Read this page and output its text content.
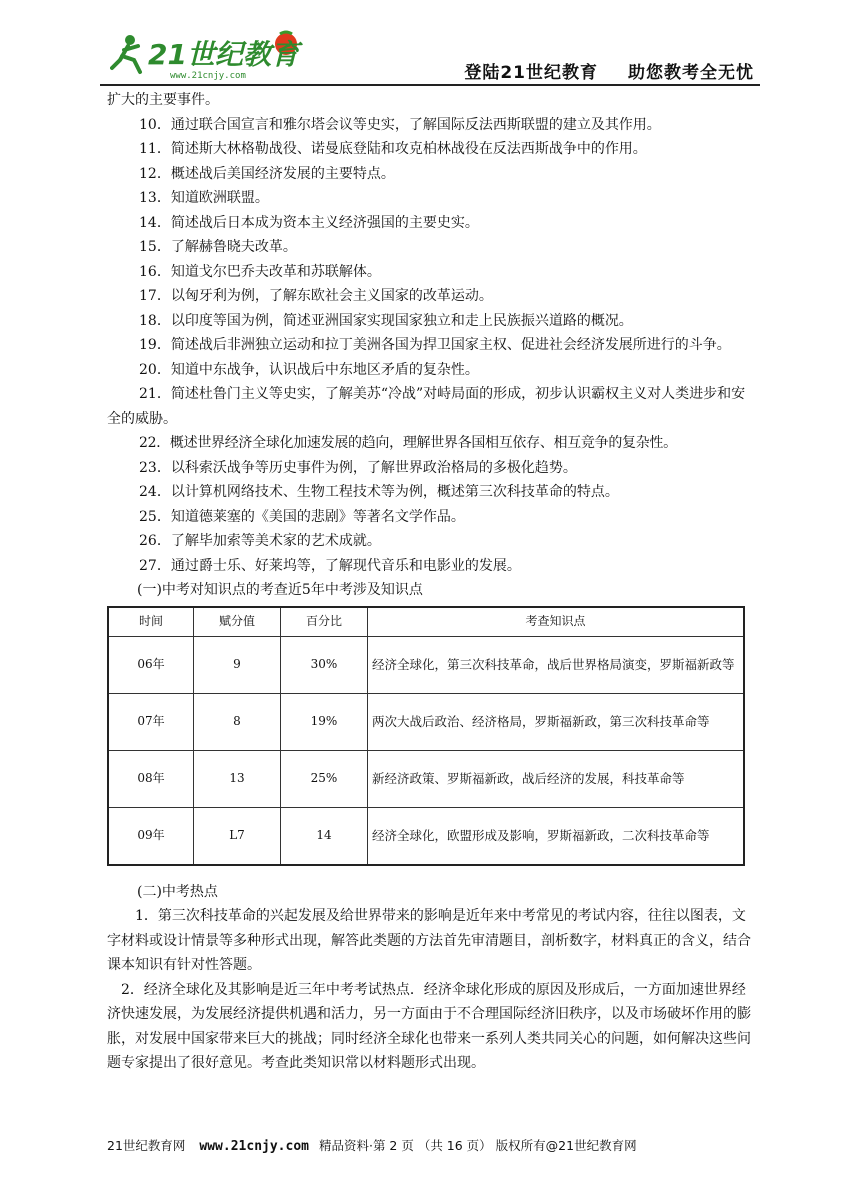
21世纪教育
www.21cnjy.com	登陆21世纪教育 助您教考全无忧

扩大的主要事件。

10．通过联合国宣言和雅尔塔会议等史实，了解国际反法西斯联盟的建立及其作用。

11．简述斯大林格勒战役、诺曼底登陆和攻克柏林战役在反法西斯战争中的作用。

12．概述战后美国经济发展的主要特点。

13．知道欧洲联盟。

14．简述战后日本成为资本主义经济强国的主要史实。

15．了解赫鲁晓夫改革。

16．知道戈尔巴乔夫改革和苏联解体。

17．以匈牙利为例，了解东欧社会主义国家的改革运动。

18．以印度等国为例，简述亚洲国家实现国家独立和走上民族振兴道路的概况。

19．简述战后非洲独立运动和拉丁美洲各国为捍卫国家主权、促进社会经济发展所进行的斗争。

20．知道中东战争，认识战后中东地区矛盾的复杂性。

21．简述杜鲁门主义等史实，了解美苏“冷战”对峙局面的形成，初步认识霸权主义对人类进步和安全的威胁。

22．概述世界经济全球化加速发展的趋向，理解世界各国相互依存、相互竞争的复杂性。

23．以科索沃战争等历史事件为例，了解世界政治格局的多极化趋势。

24．以计算机网络技术、生物工程技术等为例，概述第三次科技革命的特点。

25．知道德莱塞的《美国的悲剧》等著名文学作品。

26．了解毕加索等美术家的艺术成就。

27．通过爵士乐、好莱坞等，了解现代音乐和电影业的发展。

(一)中考对知识点的考查近5年中考涉及知识点

时间	赋分值	百分比	考查知识点
06年	9	30%	经济全球化，第三次科技革命，战后世界格局演变，罗斯福新政等
07年	8	19%	两次大战后政治、经济格局，罗斯福新政，第三次科技革命等
08年	13	25%	新经济政策、罗斯福新政，战后经济的发展，科技革命等
09年	L7	14	经济全球化，欧盟形成及影响，罗斯福新政，二次科技革命等

(二)中考热点

1．第三次科技革命的兴起发展及给世界带来的影响是近年来中考常见的考试内容，往往以图表，文字材料或设计情景等多种形式出现，解答此类题的方法首先审清题目，剖析数字，材料真正的含义，结合课本知识有针对性答题。

2．经济全球化及其影响是近三年中考考试热点．经济伞球化形成的原因及形成后，一方面加速世界经济快速发展，为发展经济提供机遇和活力，另一方面由于不合理国际经济旧秩序，以及市场破坏作用的膨胀，对发展中国家带来巨大的挑战；同时经济全球化也带来一系列人类共同关心的问题，如何解决这些问题专家提出了很好意见。考查此类知识常以材料题形式出现。

21世纪教育网 www.21cnjy.com 精品资料·第 2 页 （共 16 页） 版权所有@21世纪教育网
